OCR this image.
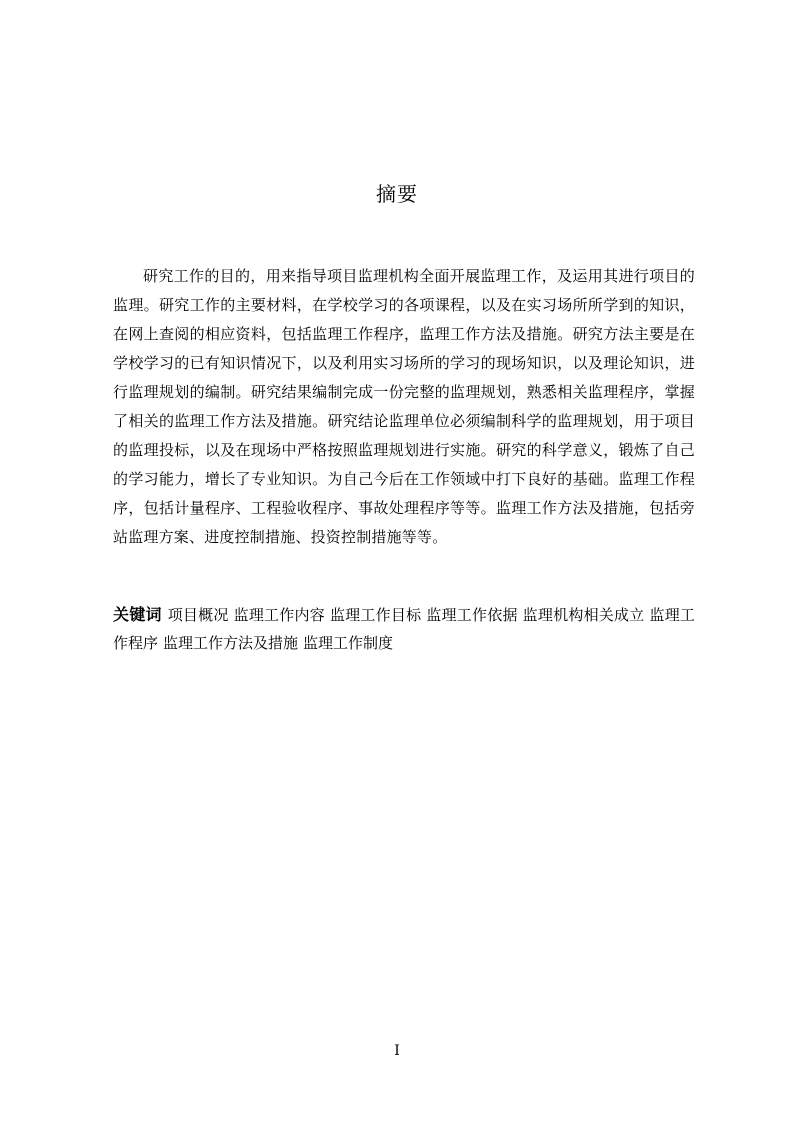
摘要

研究工作的目的，用来指导项目监理机构全面开展监理工作，及运用其进行项目的监理。研究工作的主要材料，在学校学习的各项课程，以及在实习场所所学到的知识，在网上查阅的相应资料，包括监理工作程序，监理工作方法及措施。研究方法主要是在学校学习的已有知识情况下，以及利用实习场所的学习的现场知识，以及理论知识，进行监理规划的编制。研究结果编制完成一份完整的监理规划，熟悉相关监理程序，掌握了相关的监理工作方法及措施。研究结论监理单位必须编制科学的监理规划，用于项目的监理投标，以及在现场中严格按照监理规划进行实施。研究的科学意义，锻炼了自己的学习能力，增长了专业知识。为自己今后在工作领域中打下良好的基础。监理工作程序，包括计量程序、工程验收程序、事故处理程序等等。监理工作方法及措施，包括旁站监理方案、进度控制措施、投资控制措施等等。

关键词 项目概况 监理工作内容 监理工作目标 监理工作依据 监理机构相关成立 监理工作程序 监理工作方法及措施 监理工作制度

I
